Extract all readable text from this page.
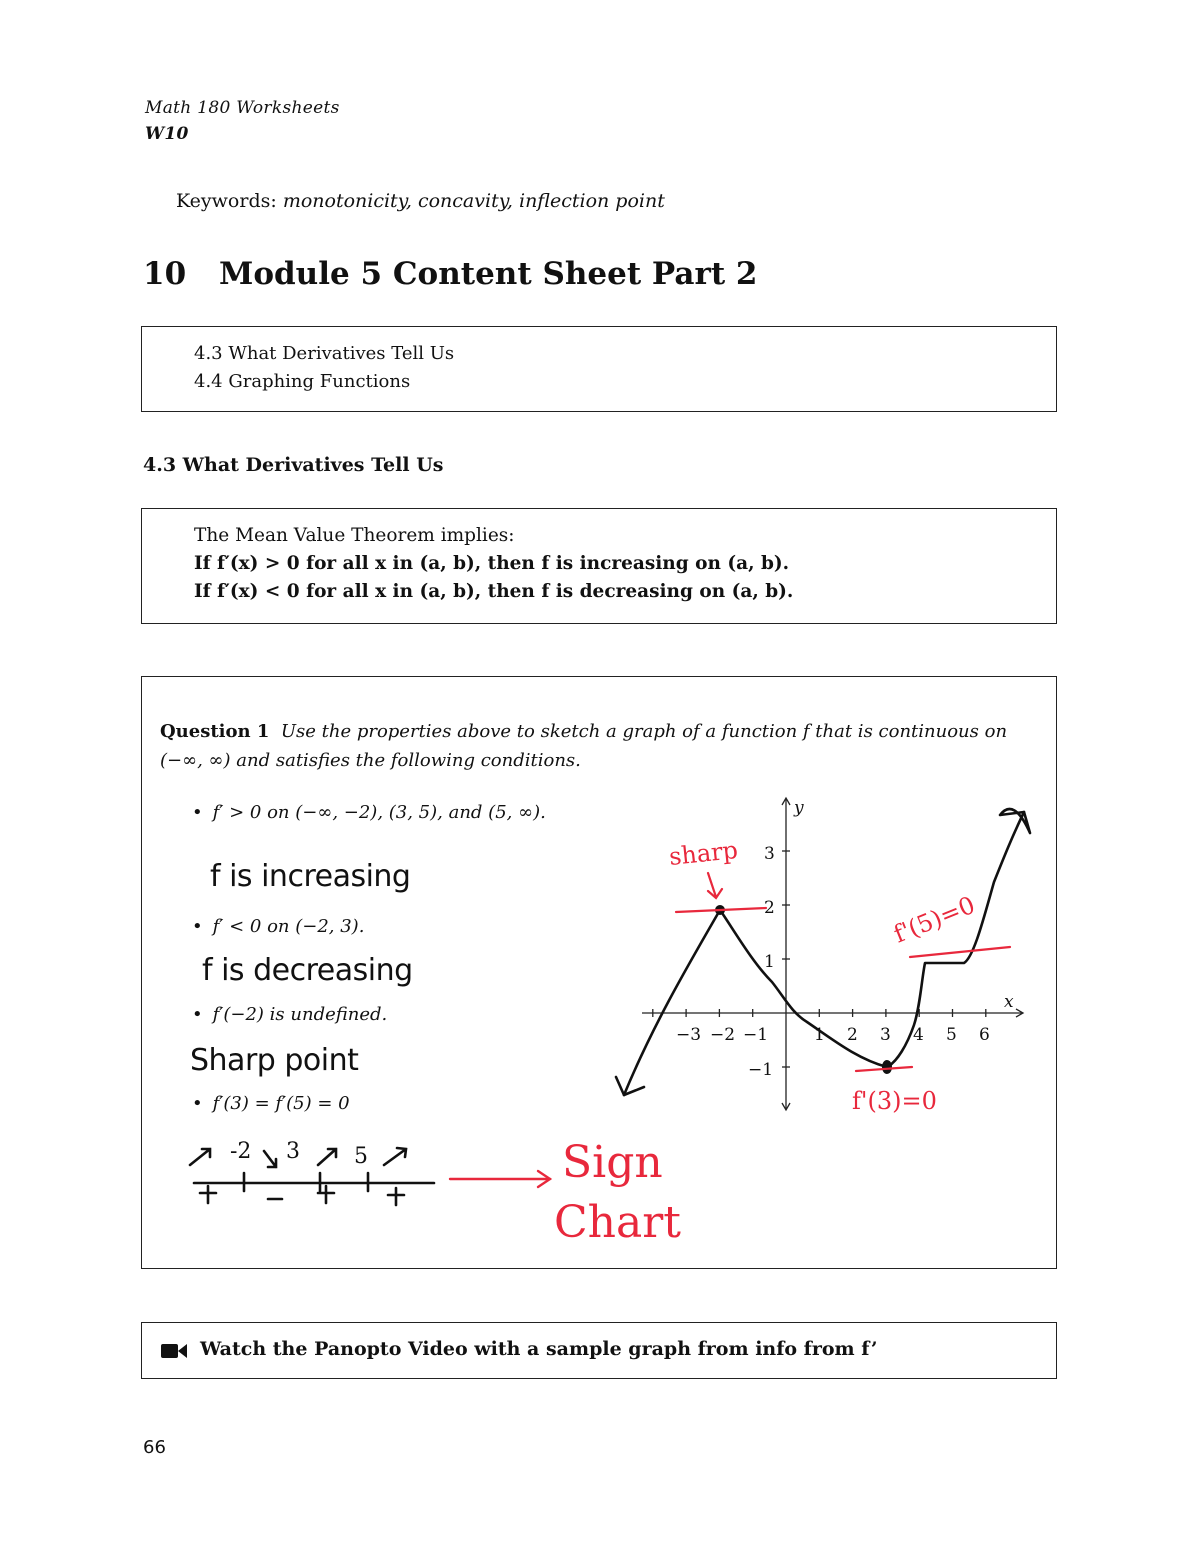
Math 180 Worksheets
W10
Keywords: monotonicity, concavity, inflection point
10 Module 5 Content Sheet Part 2
4.3 What Derivatives Tell Us
4.4 Graphing Functions
4.3 What Derivatives Tell Us
The Mean Value Theorem implies:
If f′(x) > 0 for all x in (a, b), then f is increasing on (a, b).
If f′(x) < 0 for all x in (a, b), then f is decreasing on (a, b).
Question 1 Use the properties above to sketch a graph of a function f that is continuous on (−∞, ∞) and satisfies the following conditions.
• f′ > 0 on (−∞, −2), (3, 5), and (5, ∞).
f is increasing
• f′ < 0 on (−2, 3).
f is decreasing
• f′(−2) is undefined.
Sharp point
• f′(3) = f′(5) = 0
-2 3 5	Sign
Chart
x
y
−3 −2 −1	1 2 3 4 5 6
3
2
1
−1
sharp
f'(5)=0
f'(3)=0
Watch the Panopto Video with a sample graph from info from f’
66
